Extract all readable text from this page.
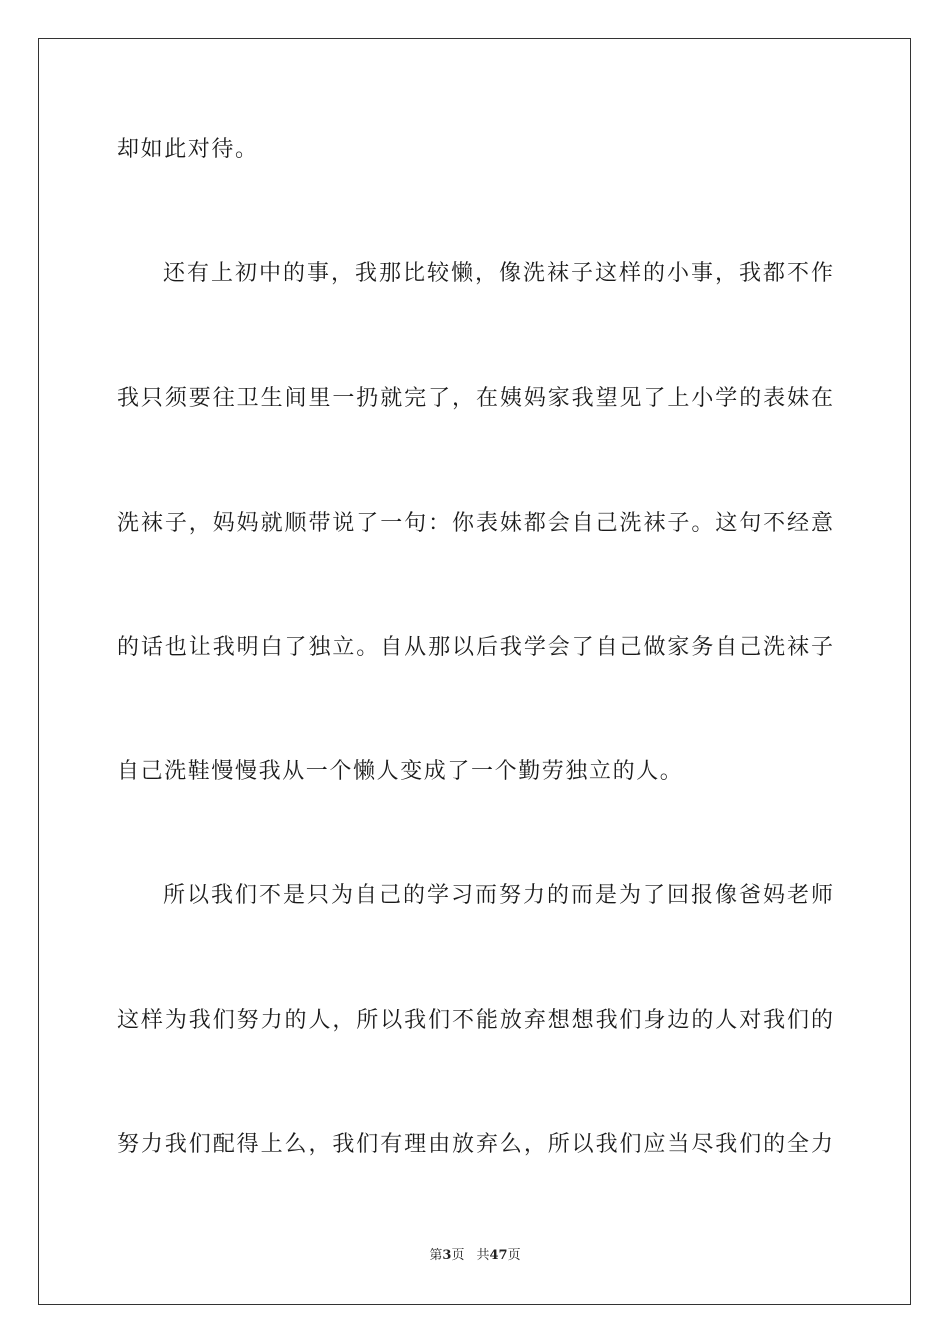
却如此对待。
还有上初中的事，我那比较懒，像洗袜子这样的小事，我都不作
我只须要往卫生间里一扔就完了，在姨妈家我望见了上小学的表妹在
洗袜子，妈妈就顺带说了一句：你表妹都会自己洗袜子。这句不经意
的话也让我明白了独立。自从那以后我学会了自己做家务自己洗袜子
自己洗鞋慢慢我从一个懒人变成了一个勤劳独立的人。
所以我们不是只为自己的学习而努力的而是为了回报像爸妈老师
这样为我们努力的人，所以我们不能放弃想想我们身边的人对我们的
努力我们配得上么，我们有理由放弃么，所以我们应当尽我们的全力
第3页 共47页
